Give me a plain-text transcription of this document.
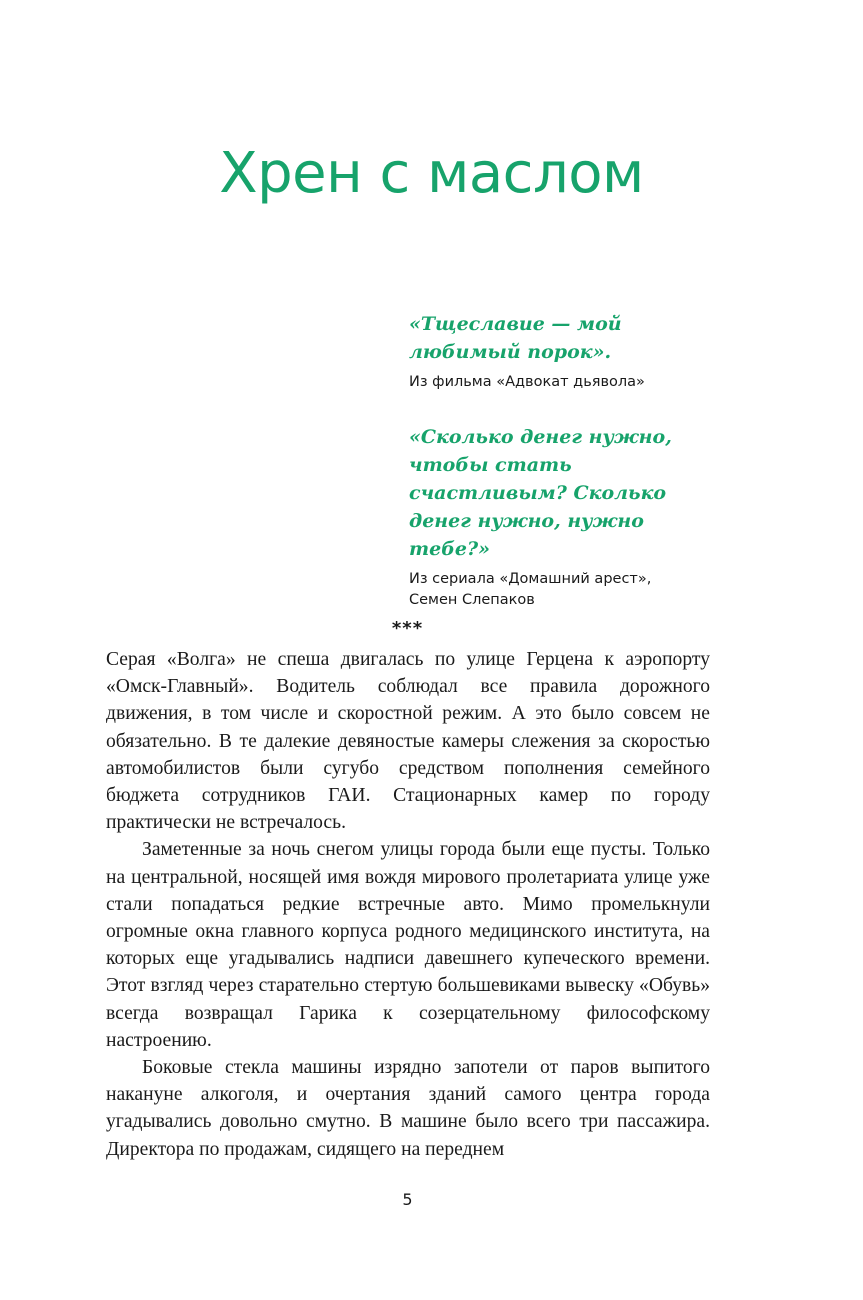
Хрен с маслом

«Тщеславие — мой любимый порок».

Из фильма «Адвокат дьявола»

«Сколько денег нужно, чтобы стать счастливым? Сколько денег нужно, нужно тебе?»

Из сериала «Домашний арест»,
Семен Слепаков

***

Серая «Волга» не спеша двигалась по улице Герцена к аэропорту «Омск-Главный». Водитель соблюдал все правила дорожного движения, в том числе и скоростной режим. А это было совсем не обязательно. В те далекие девяностые камеры слежения за скоростью автомобилистов были сугубо средством пополнения семейного бюджета сотрудников ГАИ. Стационарных камер по городу практически не встречалось.

Заметенные за ночь снегом улицы города были еще пусты. Только на центральной, носящей имя вождя мирового пролетариата улице уже стали попадаться редкие встречные авто. Мимо промелькнули огромные окна главного корпуса родного медицинского института, на которых еще угадывались надписи давешнего купеческого времени. Этот взгляд через старательно стертую большевиками вывеску «Обувь» всегда возвращал Гарика к созерцательному философскому настроению.

Боковые стекла машины изрядно запотели от паров выпитого накануне алкоголя, и очертания зданий самого центра города угадывались довольно смутно. В машине было всего три пассажира. Директора по продажам, сидящего на переднем

5
